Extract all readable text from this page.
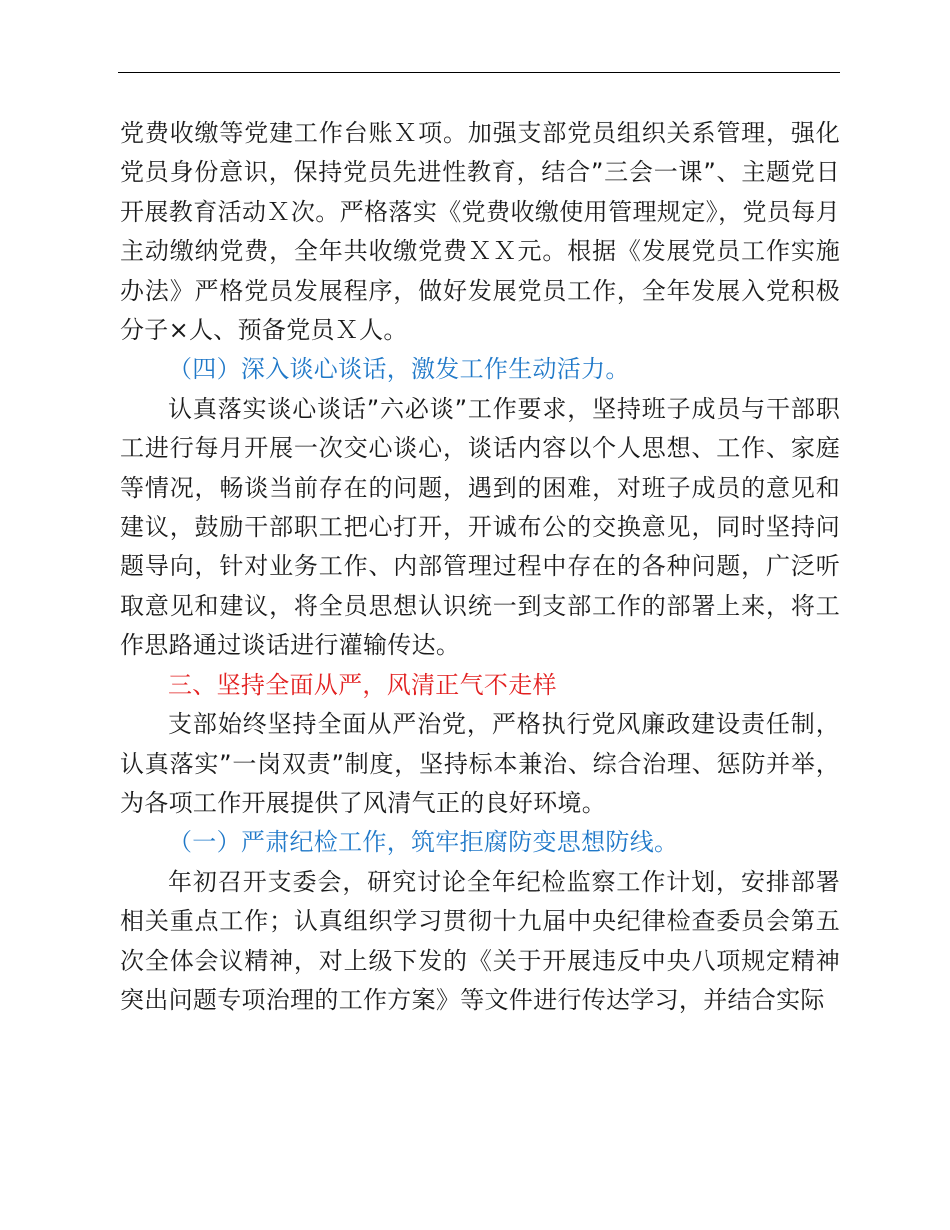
党费收缴等党建工作台账Ｘ项。加强支部党员组织关系管理，强化党员身份意识，保持党员先进性教育，结合”三会一课”、主题党日开展教育活动Ｘ次。严格落实《党费收缴使用管理规定》，党员每月主动缴纳党费，全年共收缴党费ＸＸ元。根据《发展党员工作实施办法》严格党员发展程序，做好发展党员工作，全年发展入党积极分子×人、预备党员Ｘ人。

（四）深入谈心谈话，激发工作生动活力。

认真落实谈心谈话”六必谈”工作要求，坚持班子成员与干部职工进行每月开展一次交心谈心，谈话内容以个人思想、工作、家庭等情况，畅谈当前存在的问题，遇到的困难，对班子成员的意见和建议，鼓励干部职工把心打开，开诚布公的交换意见，同时坚持问题导向，针对业务工作、内部管理过程中存在的各种问题，广泛听取意见和建议，将全员思想认识统一到支部工作的部署上来，将工作思路通过谈话进行灌输传达。

三、坚持全面从严，风清正气不走样

支部始终坚持全面从严治党，严格执行党风廉政建设责任制，认真落实”一岗双责”制度，坚持标本兼治、综合治理、惩防并举，为各项工作开展提供了风清气正的良好环境。

（一）严肃纪检工作，筑牢拒腐防变思想防线。

年初召开支委会，研究讨论全年纪检监察工作计划，安排部署相关重点工作；认真组织学习贯彻十九届中央纪律检查委员会第五次全体会议精神，对上级下发的《关于开展违反中央八项规定精神突出问题专项治理的工作方案》等文件进行传达学习，并结合实际
